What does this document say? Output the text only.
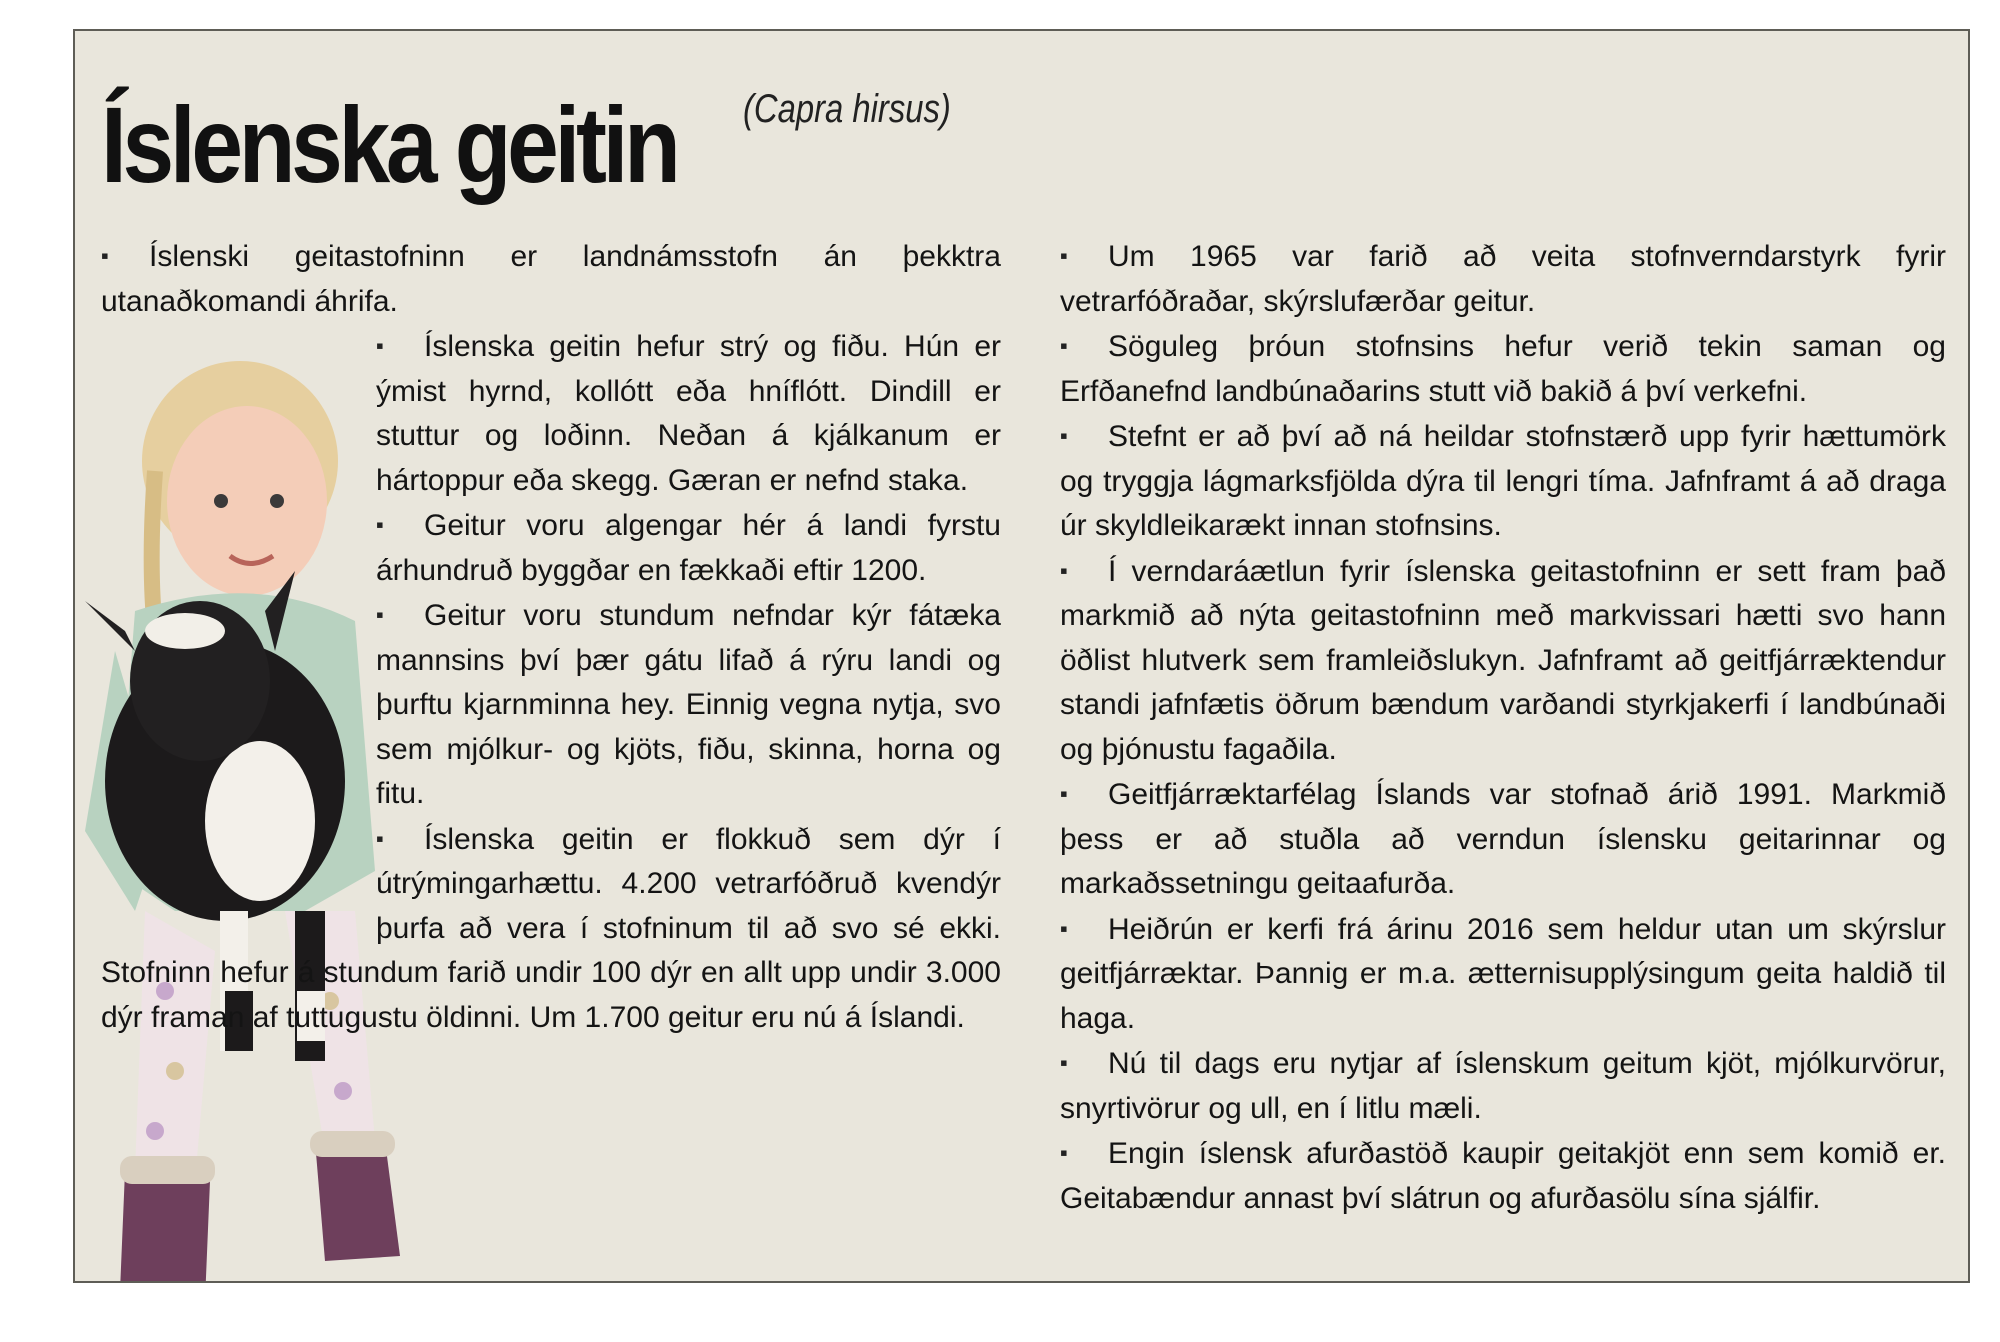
Íslenska geitin	(Capra hirsus)

▪ Íslenski geitastofninn er landnámsstofn án þekktra utanaðkomandi áhrifa.

▪ Íslenska geitin hefur strý og fiðu. Hún er ýmist hyrnd, kollótt eða hníflótt. Dindill er stuttur og loðinn. Neðan á kjálkanum er hártoppur eða skegg. Gæran er nefnd staka.

▪ Geitur voru algengar hér á landi fyrstu árhundruð byggðar en fækkaði eftir 1200.

▪ Geitur voru stundum nefndar kýr fátæka mannsins því þær gátu lifað á rýru landi og þurftu kjarnminna hey. Einnig vegna nytja, svo sem mjólkur- og kjöts, fiðu, skinna, horna og fitu.

▪ Íslenska geitin er flokkuð sem dýr í útrýmingarhættu. 4.200 vetrarfóðruð kvendýr þurfa að vera í stofninum til að svo sé ekki. Stofninn hefur á stundum farið undir 100 dýr en allt upp undir 3.000 dýr framan af tuttugustu öldinni. Um 1.700 geitur eru nú á Íslandi.

▪ Um 1965 var farið að veita stofnverndarstyrk fyrir vetrarfóðraðar, skýrslufærðar geitur.

▪ Söguleg þróun stofnsins hefur verið tekin saman og Erfðanefnd landbúnaðarins stutt við bakið á því verkefni.

▪ Stefnt er að því að ná heildar stofnstærð upp fyrir hættumörk og tryggja lágmarksfjölda dýra til lengri tíma. Jafnframt á að draga úr skyldleikarækt innan stofnsins.

▪ Í verndaráætlun fyrir íslenska geitastofninn er sett fram það markmið að nýta geitastofninn með markvissari hætti svo hann öðlist hlutverk sem framleiðslukyn. Jafnframt að geitfjárræktendur standi jafnfætis öðrum bændum varðandi styrkjakerfi í landbúnaði og þjónustu fagaðila.

▪ Geitfjárræktarfélag Íslands var stofnað árið 1991. Markmið þess er að stuðla að verndun íslensku geitarinnar og markaðssetningu geitaafurða.

▪ Heiðrún er kerfi frá árinu 2016 sem heldur utan um skýrslur geitfjárræktar. Þannig er m.a. ætternisupplýsingum geita haldið til haga.

▪ Nú til dags eru nytjar af íslenskum geitum kjöt, mjólkurvörur, snyrtivörur og ull, en í litlu mæli.

▪ Engin íslensk afurðastöð kaupir geitakjöt enn sem komið er. Geitabændur annast því slátrun og afurðasölu sína sjálfir.
